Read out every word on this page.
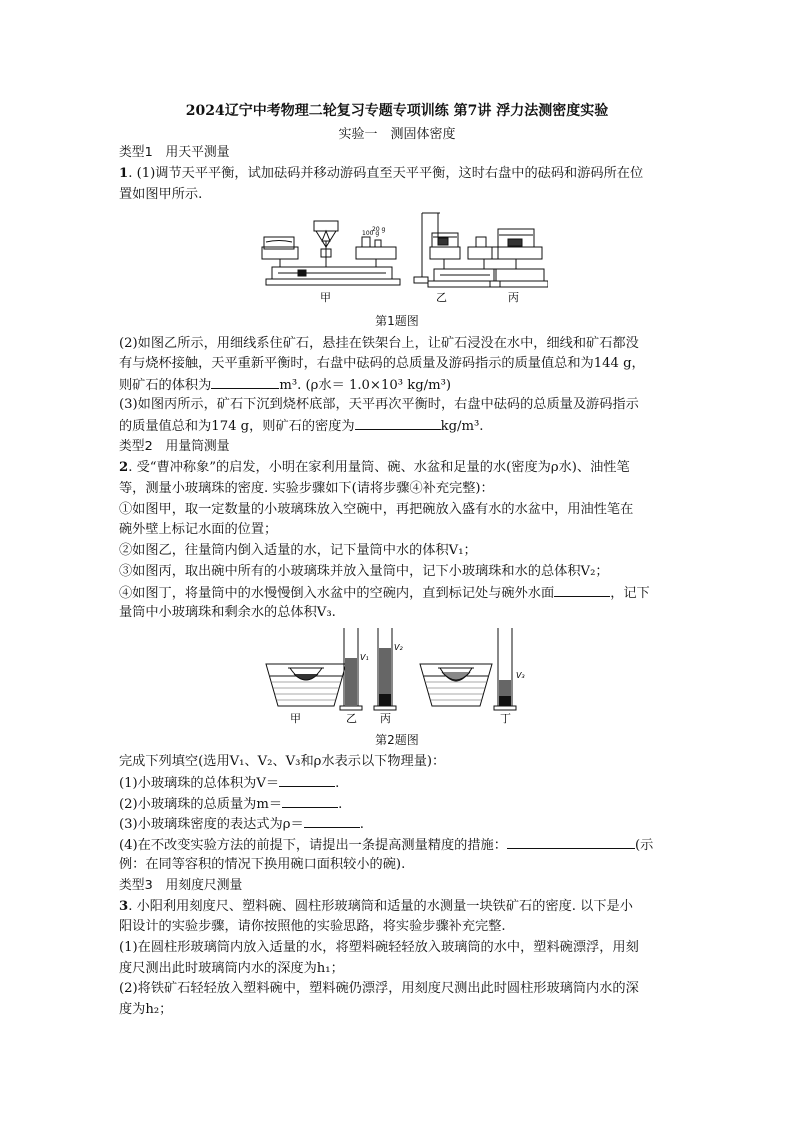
2024辽宁中考物理二轮复习专题专项训练 第7讲 浮力法测密度实验
实验一　测固体密度
类型1　用天平测量
1. (1)调节天平平衡，试加砝码并移动游码直至天平平衡，这时右盘中的砝码和游码所在位
置如图甲所示.
100 g
20 g
甲	乙	丙
第1题图
(2)如图乙所示，用细线系住矿石，悬挂在铁架台上，让矿石浸没在水中，细线和矿石都没
有与烧杯接触，天平重新平衡时，右盘中砝码的总质量及游码指示的质量值总和为144 g，
则矿石的体积为	m³. (ρ水＝ 1.0×10³ kg/m³)
(3)如图丙所示，矿石下沉到烧杯底部，天平再次平衡时，右盘中砝码的总质量及游码指示
的质量值总和为174 g，则矿石的密度为	kg/m³.
类型2　用量筒测量
2. 受“曹冲称象”的启发，小明在家利用量筒、碗、水盆和足量的水(密度为ρ水)、油性笔
等，测量小玻璃珠的密度. 实验步骤如下(请将步骤④补充完整)：
①如图甲，取一定数量的小玻璃珠放入空碗中，再把碗放入盛有水的水盆中，用油性笔在
碗外壁上标记水面的位置；
②如图乙，往量筒内倒入适量的水，记下量筒中水的体积V₁；
③如图丙，取出碗中所有的小玻璃珠并放入量筒中，记下小玻璃珠和水的总体积V₂；
④如图丁，将量筒中的水慢慢倒入水盆中的空碗内，直到标记处与碗外水面	，记下
量筒中小玻璃珠和剩余水的总体积V₃.
V₁
V₂
V₃
甲	乙 丙	丁
第2题图
完成下列填空(选用V₁、V₂、V₃和ρ水表示以下物理量)：
(1)小玻璃珠的总体积为V＝	.
(2)小玻璃珠的总质量为m＝	.
(3)小玻璃珠密度的表达式为ρ＝	.
(4)在不改变实验方法的前提下，请提出一条提高测量精度的措施：	(示
例：在同等容积的情况下换用碗口面积较小的碗).
类型3　用刻度尺测量
3. 小阳利用刻度尺、塑料碗、圆柱形玻璃筒和适量的水测量一块铁矿石的密度. 以下是小
阳设计的实验步骤，请你按照他的实验思路，将实验步骤补充完整.
(1)在圆柱形玻璃筒内放入适量的水，将塑料碗轻轻放入玻璃筒的水中，塑料碗漂浮，用刻
度尺测出此时玻璃筒内水的深度为h₁；
(2)将铁矿石轻轻放入塑料碗中，塑料碗仍漂浮，用刻度尺测出此时圆柱形玻璃筒内水的深
度为h₂；
